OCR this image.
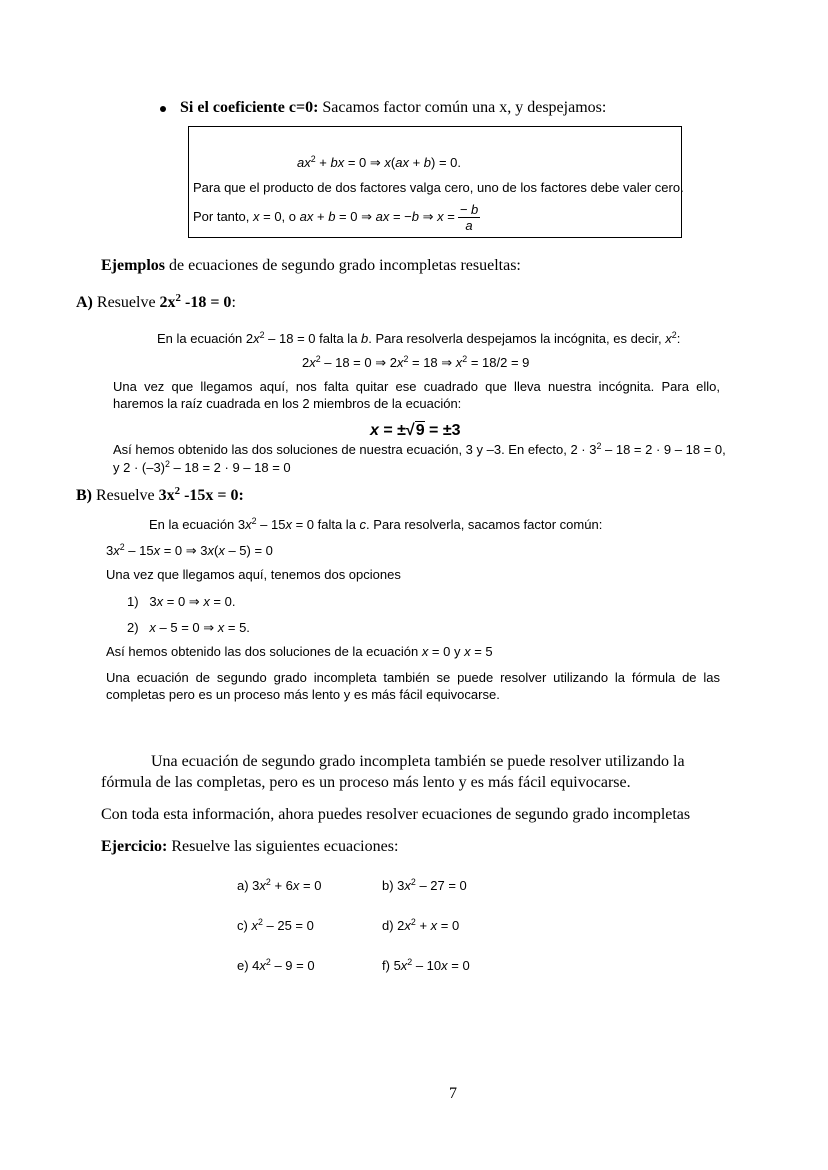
Si el coeficiente c=0: Sacamos factor común una x, y despejamos:
$ax^2$ + bx = 0 ⇒ x(ax + b) = 0.
Para que el producto de dos factores valga cero, uno de los factores debe valer cero.
Por tanto, x = 0, o ax + b = 0 ⇒ ax = −b ⇒ $x = \frac{- b}{a}$
Ejemplos de ecuaciones de segundo grado incompletas resueltas:
A) Resuelve $2x^2$ -18 = 0:
En la ecuación $2x^2 - 18 = 0$ falta la b. Para resolverla despejamos la incógnita, es decir, $x^2$:
$2x^2 - 18 = 0$ ⇒ $2x^2 = 18$ ⇒ $x^2 = 18/2 = 9$
Una vez que llegamos aquí, nos falta quitar ese cuadrado que lleva nuestra incógnita. Para ello, haremos la raíz cuadrada en los 2 miembros de la ecuación:
x = ±√9 = ±3
Así hemos obtenido las dos soluciones de nuestra ecuación, 3 y –3. En efecto, $2 \cdot 3^2 - 18 = 2 \cdot 9 - 18 = 0$,
y $2 \cdot (-3)^2 - 18 = 2 \cdot 9 - 18 = 0$
B) Resuelve $3x^2$ -15x = 0:
En la ecuación $3x^2 - 15x = 0$ falta la c. Para resolverla, sacamos factor común:
$3x^2 - 15x = 0$ ⇒ 3x(x – 5) = 0
Una vez que llegamos aquí, tenemos dos opciones
1)   3x = 0 ⇒ x = 0.
2) x – 5 = 0 ⇒ x = 5.
Así hemos obtenido las dos soluciones de la ecuación x = 0 y x = 5
Una ecuación de segundo grado incompleta también se puede resolver utilizando la fórmula de las completas pero es un proceso más lento y es más fácil equivocarse.
Una ecuación de segundo grado incompleta también se puede resolver utilizando la
fórmula de las completas, pero es un proceso más lento y es más fácil equivocarse.
Con toda esta información, ahora puedes resolver ecuaciones de segundo grado incompletas
Ejercicio: Resuelve las siguientes ecuaciones:
a) $3x^2 + 6x = 0$	b) $3x^2 - 27 = 0$
c) $x^2 - 25 = 0$	d) $2x^2 + x = 0$
e) $4x^2 - 9 = 0$	f) $5x^2 - 10x = 0$
7
